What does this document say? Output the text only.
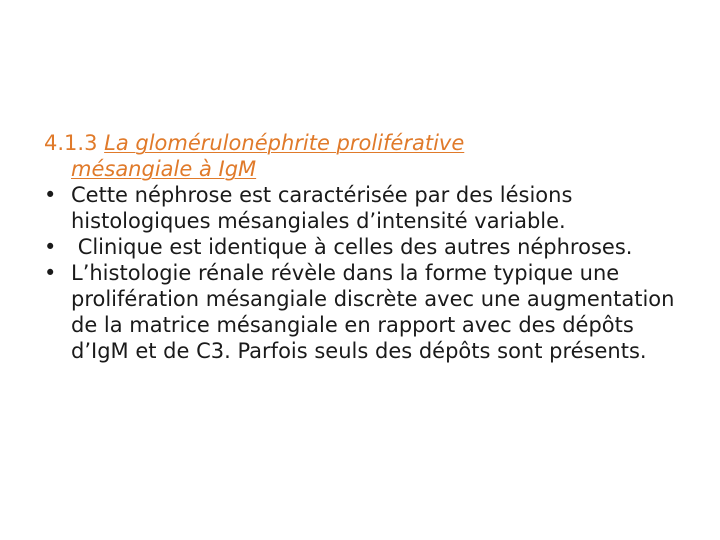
4.1.3 La glomérulonéphrite proliférative
mésangiale à IgM

• Cette néphrose est caractérisée par des lésions histologiques mésangiales d’intensité variable.
• Clinique est identique à celles des autres néphroses.
• L’histologie rénale révèle dans la forme typique une prolifération mésangiale discrète avec une augmentation de la matrice mésangiale en rapport avec des dépôts d’IgM et de C3. Parfois seuls des dépôts sont présents.
